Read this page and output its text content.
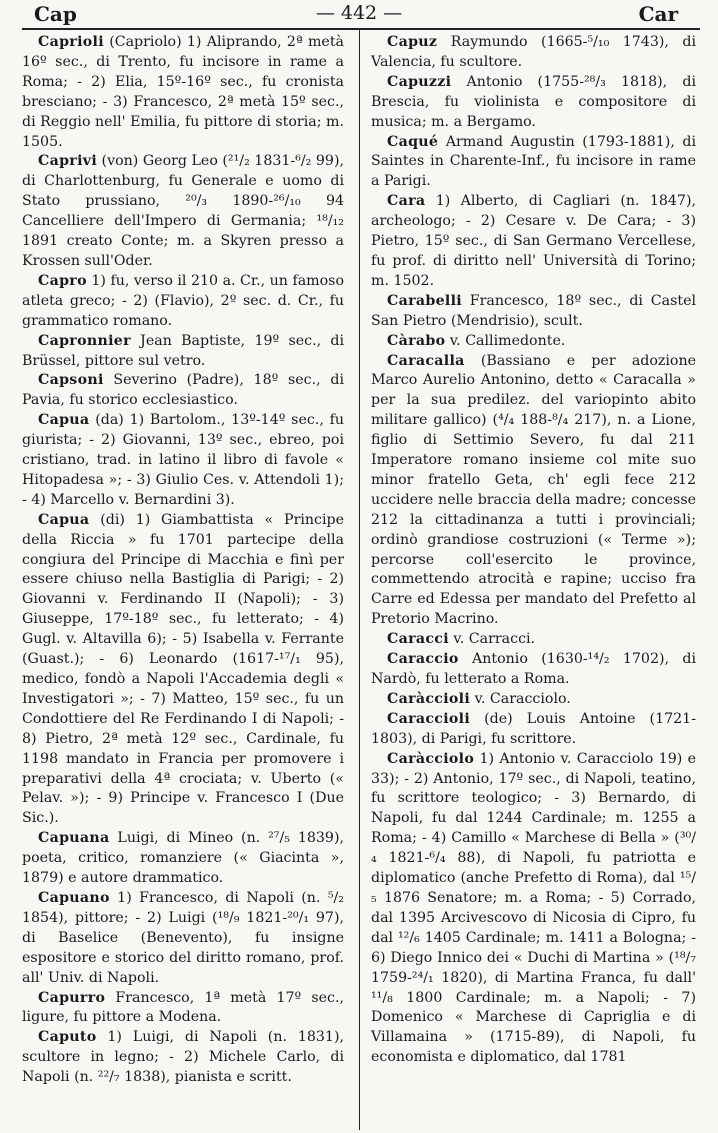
Cap	— 442 —	Car

Caprioli (Capriolo) 1) Aliprando, 2ª metà 16º sec., di Trento, fu incisore in rame a Roma; - 2) Elia, 15º-16º sec., fu cronista bresciano; - 3) Francesco, 2ª metà 15º sec., di Reggio nell' Emilia, fu pittore di storia; m. 1505.

Caprivi (von) Georg Leo (²¹/₂ 1831-⁶/₂ 99), di Charlottenburg, fu Generale e uomo di Stato prussiano, ²⁰/₃ 1890-²⁶/₁₀ 94 Cancelliere dell'Impero di Germania; ¹⁸/₁₂ 1891 creato Conte; m. a Skyren presso a Krossen sull'Oder.

Capro 1) fu, verso il 210 a. Cr., un famoso atleta greco; - 2) (Flavio), 2º sec. d. Cr., fu grammatico romano.

Capronnier Jean Baptiste, 19º sec., di Brüssel, pittore sul vetro.

Capsoni Severino (Padre), 18º sec., di Pavia, fu storico ecclesiastico.

Capua (da) 1) Bartolom., 13º-14º sec., fu giurista; - 2) Giovanni, 13º sec., ebreo, poi cristiano, trad. in latino il libro di favole « Hitopadesa »; - 3) Giulio Ces. v. Attendoli 1); - 4) Marcello v. Bernardini 3).

Capua (di) 1) Giambattista « Principe della Riccia » fu 1701 partecipe della congiura del Principe di Macchia e finì per essere chiuso nella Bastiglia di Parigi; - 2) Giovanni v. Ferdinando II (Napoli); - 3) Giuseppe, 17º-18º sec., fu letterato; - 4) Gugl. v. Altavilla 6); - 5) Isabella v. Ferrante (Guast.); - 6) Leonardo (1617-¹⁷/₁ 95), medico, fondò a Napoli l'Accademia degli « Investigatori »; - 7) Matteo, 15º sec., fu un Condottiere del Re Ferdinando I di Napoli; - 8) Pietro, 2ª metà 12º sec., Cardinale, fu 1198 mandato in Francia per promovere i preparativi della 4ª crociata; v. Uberto (« Pelav. »); - 9) Principe v. Francesco I (Due Sic.).

Capuana Luigi, di Mineo (n. ²⁷/₅ 1839), poeta, critico, romanziere (« Giacinta », 1879) e autore drammatico.

Capuano 1) Francesco, di Napoli (n. ⁵/₂ 1854), pittore; - 2) Luigi (¹⁸/₉ 1821-²⁰/₁ 97), di Baselice (Benevento), fu insigne espositore e storico del diritto romano, prof. all' Univ. di Napoli.

Capurro Francesco, 1ª metà 17º sec., ligure, fu pittore a Modena.

Caputo 1) Luigi, di Napoli (n. 1831), scultore in legno; - 2) Michele Carlo, di Napoli (n. ²²/₇ 1838), pianista e scritt.

Capuz Raymundo (1665-⁵/₁₀ 1743), di Valencia, fu scultore.

Capuzzi Antonio (1755-²⁸/₃ 1818), di Brescia, fu violinista e compositore di musica; m. a Bergamo.

Caqué Armand Augustin (1793-1881), di Saintes in Charente-Inf., fu incisore in rame a Parigi.

Cara 1) Alberto, di Cagliari (n. 1847), archeologo; - 2) Cesare v. De Cara; - 3) Pietro, 15º sec., di San Germano Vercellese, fu prof. di diritto nell' Università di Torino; m. 1502.

Carabelli Francesco, 18º sec., di Castel San Pietro (Mendrisio), scult.

Càrabo v. Callimedonte.

Caracalla (Bassiano e per adozione Marco Aurelio Antonino, detto « Caracalla » per la sua predilez. del variopinto abito militare gallico) (⁴/₄ 188-⁸/₄ 217), n. a Lione, figlio di Settimio Severo, fu dal 211 Imperatore romano insieme col mite suo minor fratello Geta, ch' egli fece 212 uccidere nelle braccia della madre; concesse 212 la cittadinanza a tutti i provinciali; ordinò grandiose costruzioni (« Terme »); percorse coll'esercito le province, commettendo atrocità e rapine; ucciso fra Carre ed Edessa per mandato del Prefetto al Pretorio Macrino.

Caracci v. Carracci.

Caraccio Antonio (1630-¹⁴/₂ 1702), di Nardò, fu letterato a Roma.

Caràccioli v. Caracciolo.

Caraccioli (de) Louis Antoine (1721-1803), di Parigi, fu scrittore.

Caràcciolo 1) Antonio v. Caracciolo 19) e 33); - 2) Antonio, 17º sec., di Napoli, teatino, fu scrittore teologico; - 3) Bernardo, di Napoli, fu dal 1244 Cardinale; m. 1255 a Roma; - 4) Camillo « Marchese di Bella » (³⁰/₄ 1821-⁶/₄ 88), di Napoli, fu patriotta e diplomatico (anche Prefetto di Roma), dal ¹⁵/₅ 1876 Senatore; m. a Roma; - 5) Corrado, dal 1395 Arcivescovo di Nicosia di Cipro, fu dal ¹²/₆ 1405 Cardinale; m. 1411 a Bologna; - 6) Diego Innico dei « Duchi di Martina » (¹⁸/₇ 1759-²⁴/₁ 1820), di Martina Franca, fu dall' ¹¹/₈ 1800 Cardinale; m. a Napoli; - 7) Domenico « Marchese di Capriglia e di Villamaina » (1715-89), di Napoli, fu economista e diplomatico, dal 1781
